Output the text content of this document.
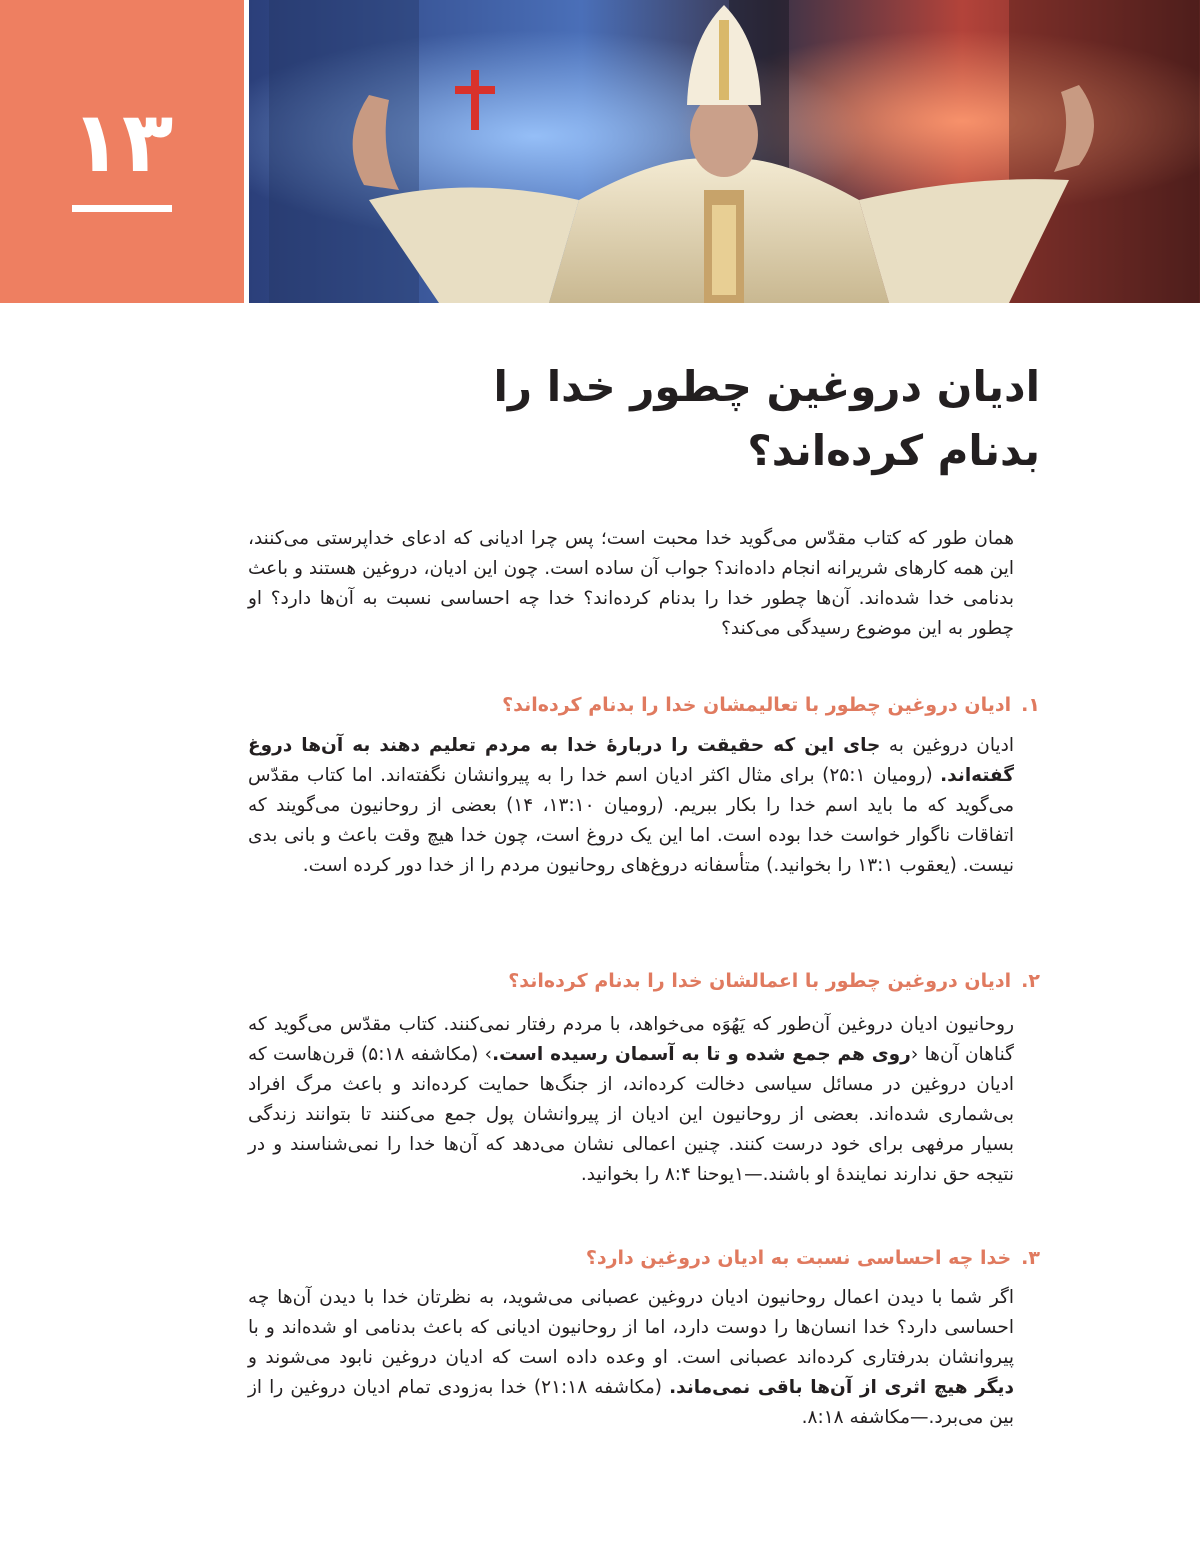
۱۳
ادیان دروغین چطور خدا را
بدنام کرده‌اند؟

همان طور که کتاب مقدّس می‌گوید خدا محبت است؛ پس چرا ادیانی که ادعای خداپرستی می‌کنند، این همه کارهای شریرانه انجام داده‌اند؟ جواب آن ساده است. چون این ادیان، دروغین هستند و باعث بدنامی خدا شده‌اند. آن‌ها چطور خدا را بدنام کرده‌اند؟ خدا چه احساسی نسبت به آن‌ها دارد؟ او چطور به این موضوع رسیدگی می‌کند؟

۱.ادیان دروغین چطور با تعالیمشان خدا را بدنام کرده‌اند؟

ادیان دروغین به جای این که حقیقت را دربارهٔ خدا به مردم تعلیم دهند به آن‌ها دروغ گفته‌اند. (رومیان ۱:‏۲۵) برای مثال اکثر ادیان اسم خدا را به پیروانشان نگفته‌اند. اما کتاب مقدّس می‌گوید که ما باید اسم خدا را بکار ببریم. (رومیان ۱۰:‏۱۳، ۱۴) بعضی از روحانیون می‌گویند که اتفاقات ناگوار خواست خدا بوده است. اما این یک دروغ است، چون خدا هیچ وقت باعث و بانی بدی نیست. (یعقوب ۱:‏۱۳ را بخوانید.) متأسفانه دروغ‌های روحانیون مردم را از خدا دور کرده است.

۲.ادیان دروغین چطور با اعمالشان خدا را بدنام کرده‌اند؟

روحانیون ادیان دروغین آن‌طور که یَهُوَه می‌خواهد، با مردم رفتار نمی‌کنند. کتاب مقدّس می‌گوید که گناهان آن‌ها ‹روی هم جمع شده و تا به آسمان رسیده است.› (مکاشفه ۱۸:‏۵) قرن‌هاست که ادیان دروغین در مسائل سیاسی دخالت کرده‌اند، از جنگ‌ها حمایت کرده‌اند و باعث مرگ افراد بی‌شماری شده‌اند. بعضی از روحانیون این ادیان از پیروانشان پول جمع می‌کنند تا بتوانند زندگی بسیار مرفهی برای خود درست کنند. چنین اعمالی نشان می‌دهد که آن‌ها خدا را نمی‌شناسند و در نتیجه حق ندارند نمایندهٔ او باشند.—۱یوحنا ۴:‏۸ را بخوانید.

۳.خدا چه احساسی نسبت به ادیان دروغین دارد؟

اگر شما با دیدن اعمال روحانیون ادیان دروغین عصبانی می‌شوید، به نظرتان خدا با دیدن آن‌ها چه احساسی دارد؟ خدا انسان‌ها را دوست دارد، اما از روحانیون ادیانی که باعث بدنامی او شده‌اند و با پیروانشان بدرفتاری کرده‌اند عصبانی است. او وعده داده است که ادیان دروغین نابود می‌شوند و دیگر هیچ اثری از آن‌ها باقی نمی‌ماند. (مکاشفه ۱۸:‏۲۱) خدا به‌زودی تمام ادیان دروغین را از بین می‌برد.—مکاشفه ۱۸:‏۸.
